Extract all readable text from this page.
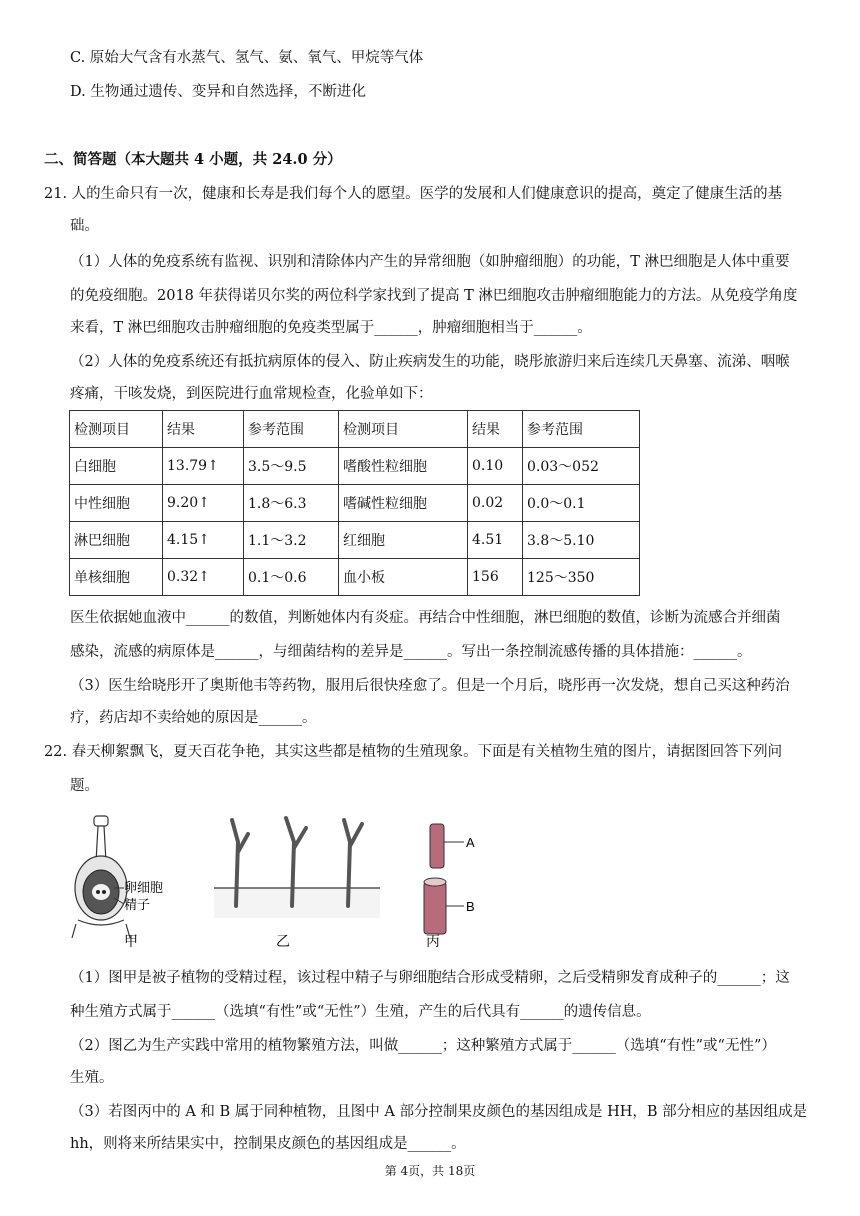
C. 原始大气含有水蒸气、氢气、氨、氧气、甲烷等气体
D. 生物通过遗传、变异和自然选择，不断进化
二、简答题（本大题共 4 小题，共 24.0 分）
21. 人的生命只有一次，健康和长寿是我们每个人的愿望。医学的发展和人们健康意识的提高，奠定了健康生活的基
础。
（1）人体的免疫系统有监视、识别和清除体内产生的异常细胞（如肿瘤细胞）的功能，T 淋巴细胞是人体中重要
的免疫细胞。2018 年获得诺贝尔奖的两位科学家找到了提高 T 淋巴细胞攻击肿瘤细胞能力的方法。从免疫学角度
来看，T 淋巴细胞攻击肿瘤细胞的免疫类型属于______，肿瘤细胞相当于______。
（2）人体的免疫系统还有抵抗病原体的侵入、防止疾病发生的功能，晓彤旅游归来后连续几天鼻塞、流涕、咽喉
疼痛，干咳发烧，到医院进行血常规检查，化验单如下：
检测项目	结果	参考范围	检测项目	结果	参考范围
白细胞	13.79↑	3.5～9.5	嗜酸性粒细胞	0.10	0.03～052
中性细胞	9.20↑	1.8～6.3	嗜碱性粒细胞	0.02	0.0～0.1
淋巴细胞	4.15↑	1.1～3.2	红细胞	4.51	3.8～5.10
单核细胞	0.32↑	0.1～0.6	血小板	156	125～350
医生依据她血液中______的数值，判断她体内有炎症。再结合中性细胞，淋巴细胞的数值，诊断为流感合并细菌
感染，流感的病原体是______，与细菌结构的差异是______。写出一条控制流感传播的具体措施：______。
（3）医生给晓彤开了奥斯他韦等药物，服用后很快痊愈了。但是一个月后，晓彤再一次发烧，想自己买这种药治
疗，药店却不卖给她的原因是______。
22. 春天柳絮飘飞，夏天百花争艳，其实这些都是植物的生殖现象。下面是有关植物生殖的图片，请据图回答下列问
题。
卵细胞
精子
甲	乙
A
B
丙
（1）图甲是被子植物的受精过程，该过程中精子与卵细胞结合形成受精卵，之后受精卵发育成种子的______；这
种生殖方式属于______（选填“有性”或“无性”）生殖，产生的后代具有______的遗传信息。
（2）图乙为生产实践中常用的植物繁殖方法，叫做______；这种繁殖方式属于______（选填“有性”或“无性”）
生殖。
（3）若图丙中的 A 和 B 属于同种植物，且图中 A 部分控制果皮颜色的基因组成是 HH，B 部分相应的基因组成是
hh，则将来所结果实中，控制果皮颜色的基因组成是______。
第 4页，共 18页
